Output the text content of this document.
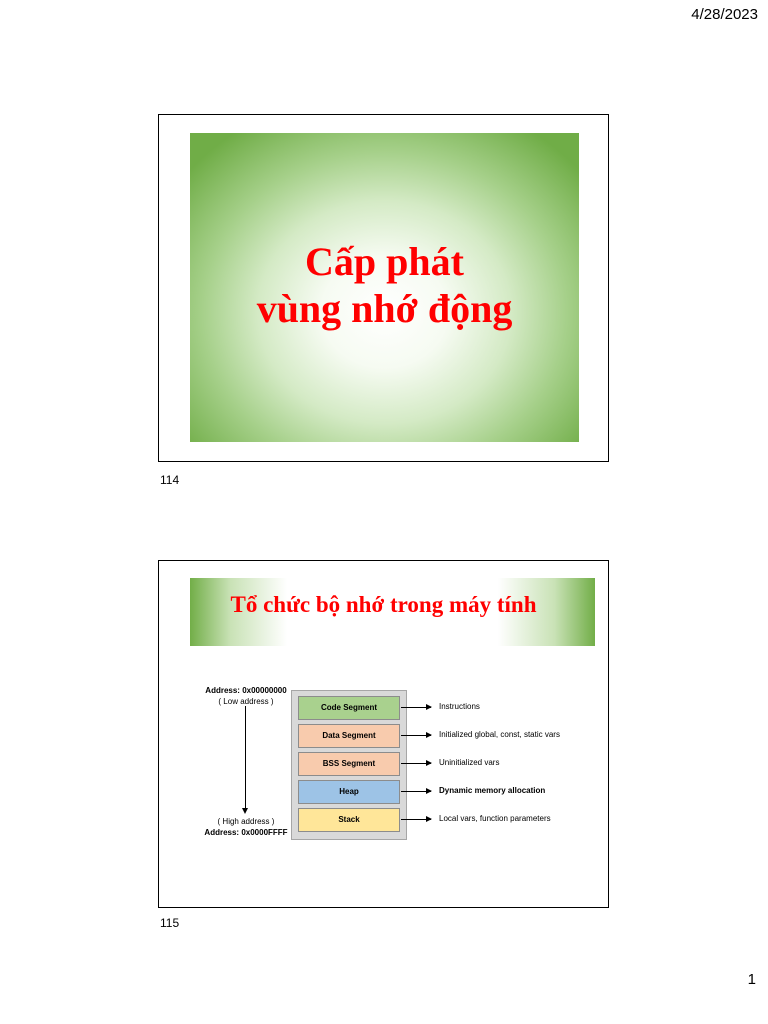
4/28/2023
Cấp phát
vùng nhớ động
114
Tổ chức bộ nhớ trong máy tính
Address: 0x00000000
( Low address )
( High address )
Address: 0x0000FFFF
Code Segment
Data Segment
BSS Segment
Heap
Stack
Instructions
Initialized global, const, static vars
Uninitialized vars
Dynamic memory allocation
Local vars, function parameters
115
1
